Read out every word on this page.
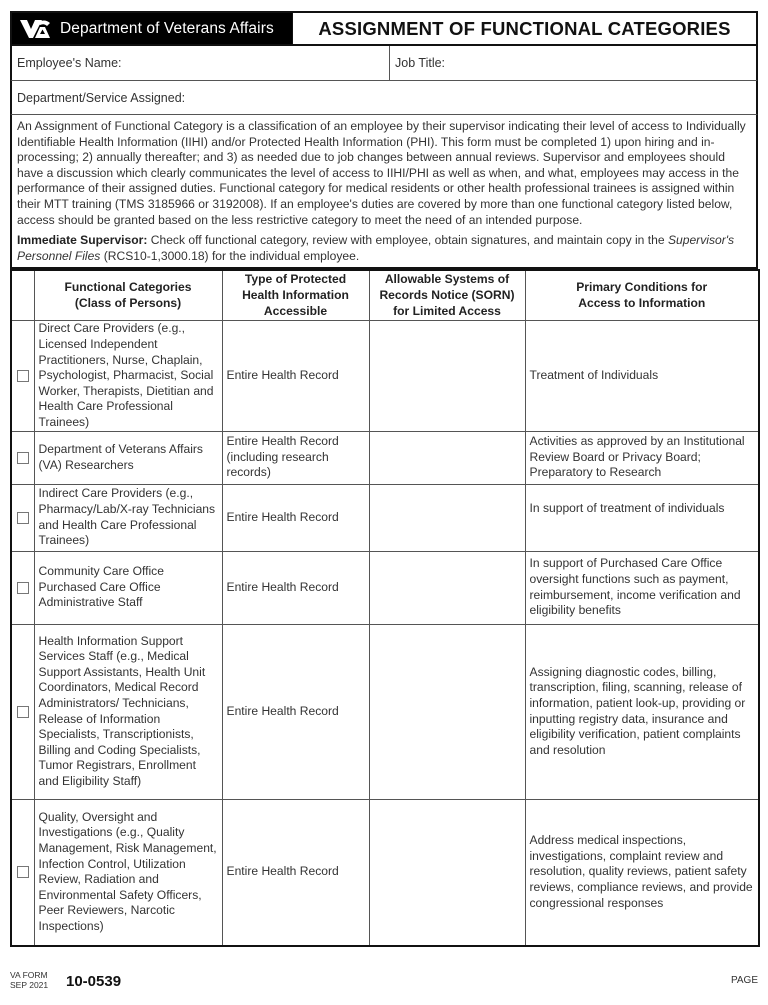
Department of Veterans Affairs	ASSIGNMENT OF FUNCTIONAL CATEGORIES
Employee's Name:	Job Title:
Department/Service Assigned:

An Assignment of Functional Category is a classification of an employee by their supervisor indicating their level of access to Individually Identifiable Health Information (IIHI) and/or Protected Health Information (PHI). This form must be completed 1) upon hiring and in-processing; 2) annually thereafter; and 3) as needed due to job changes between annual reviews. Supervisor and employees should have a discussion which clearly communicates the level of access to IIHI/PHI as well as when, and what, employees may access in the performance of their assigned duties. Functional category for medical residents or other health professional trainees is assigned within their MTT training (TMS 3185966 or 3192008). If an employee's duties are covered by more than one functional category listed below, access should be granted based on the less restrictive category to meet the need of an intended purpose.

Immediate Supervisor: Check off functional category, review with employee, obtain signatures, and maintain copy in the Supervisor's Personnel Files (RCS10-1,3000.18) for the individual employee.

	Functional Categories (Class of Persons)	Type of Protected Health Information Accessible	Allowable Systems of Records Notice (SORN) for Limited Access	Primary Conditions for Access to Information
	Direct Care Providers (e.g., Licensed Independent Practitioners, Nurse, Chaplain, Psychologist, Pharmacist, Social Worker, Therapists, Dietitian and Health Care Professional Trainees)	Entire Health Record		Treatment of Individuals
	Department of Veterans Affairs (VA) Researchers	Entire Health Record (including research records)		Activities as approved by an Institutional Review Board or Privacy Board; Preparatory to Research
	Indirect Care Providers (e.g., Pharmacy/Lab/X-ray Technicians and Health Care Professional Trainees)	Entire Health Record		In support of treatment of individuals
	Community Care Office Purchased Care Office Administrative Staff	Entire Health Record		In support of Purchased Care Office oversight functions such as payment, reimbursement, income verification and eligibility benefits
	Health Information Support Services Staff (e.g., Medical Support Assistants, Health Unit Coordinators, Medical Record Administrators/ Technicians, Release of Information Specialists, Transcriptionists, Billing and Coding Specialists, Tumor Registrars, Enrollment and Eligibility Staff)	Entire Health Record		Assigning diagnostic codes, billing, transcription, filing, scanning, release of information, patient look-up, providing or inputting registry data, insurance and eligibility verification, patient complaints and resolution
	Quality, Oversight and Investigations (e.g., Quality Management, Risk Management, Infection Control, Utilization Review, Radiation and Environmental Safety Officers, Peer Reviewers, Narcotic Inspections)	Entire Health Record		Address medical inspections, investigations, complaint review and resolution, quality reviews, patient safety reviews, compliance reviews, and provide congressional responses
VA FORM
SEP 2021 10-0539	PAGE
